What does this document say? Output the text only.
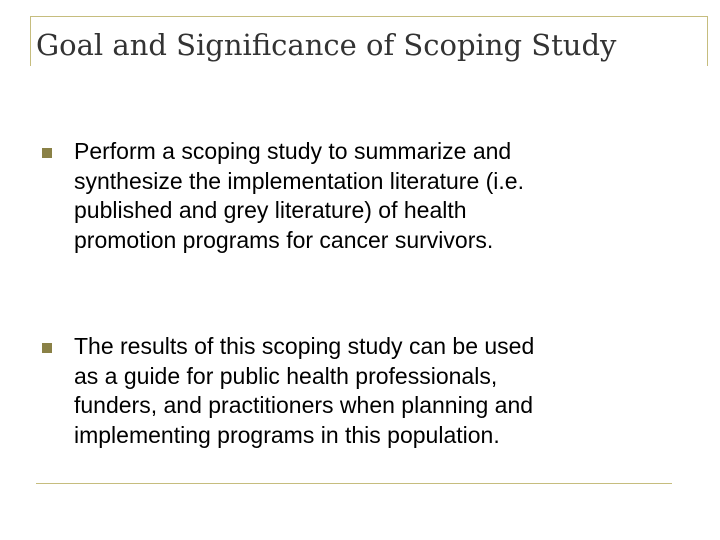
Goal and Significance of Scoping Study

Perform a scoping study to summarize and
synthesize the implementation literature (i.e.
published and grey literature) of health
promotion programs for cancer survivors.

The results of this scoping study can be used
as a guide for public health professionals,
funders, and practitioners when planning and
implementing programs in this population.
